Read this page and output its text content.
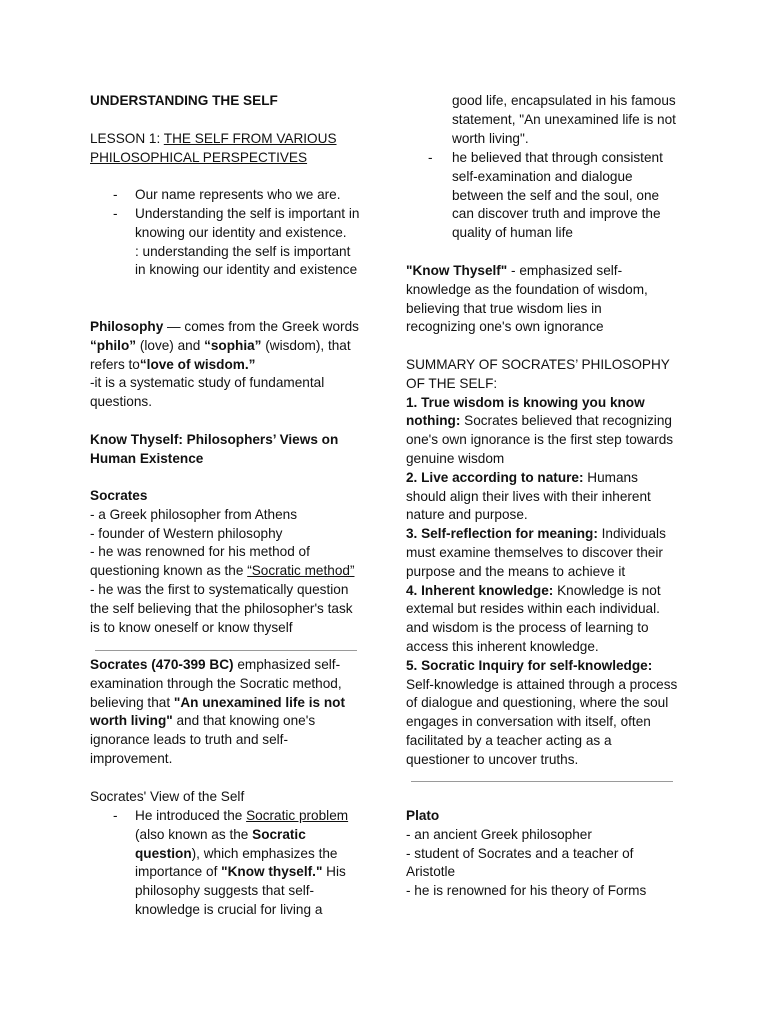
UNDERSTANDING THE SELF
LESSON 1: THE SELF FROM VARIOUS PHILOSOPHICAL PERSPECTIVES
- Our name represents who we are.
- Understanding the self is important in knowing our identity and existence.
: understanding the self is important in knowing our identity and existence
Philosophy — comes from the Greek words “philo” (love) and “sophia” (wisdom), that refers to“love of wisdom.”
-it is a systematic study of fundamental questions.
Know Thyself: Philosophers’ Views on Human Existence
Socrates
- a Greek philosopher from Athens
- founder of Western philosophy
- he was renowned for his method of questioning known as the “Socratic method”
- he was the first to systematically question the self believing that the philosopher's task is to know oneself or know thyself
Socrates (470-399 BC) emphasized self-examination through the Socratic method, believing that "An unexamined life is not worth living" and that knowing one's ignorance leads to truth and self-improvement.
Socrates' View of the Self
- He introduced the Socratic problem (also known as the Socratic question), which emphasizes the importance of "Know thyself." His philosophy suggests that self-knowledge is crucial for living a
good life, encapsulated in his famous statement, "An unexamined life is not worth living".
- he believed that through consistent self-examination and dialogue between the self and the soul, one can discover truth and improve the quality of human life
"Know Thyself" - emphasized self-knowledge as the foundation of wisdom, believing that true wisdom lies in recognizing one's own ignorance
SUMMARY OF SOCRATES’ PHILOSOPHY OF THE SELF:
1. True wisdom is knowing you know nothing: Socrates believed that recognizing one's own ignorance is the first step towards genuine wisdom
2. Live according to nature: Humans should align their lives with their inherent nature and purpose.
3. Self-reflection for meaning: Individuals must examine themselves to discover their purpose and the means to achieve it
4. Inherent knowledge: Knowledge is not extemal but resides within each individual. and wisdom is the process of learning to access this inherent knowledge.
5. Socratic Inquiry for self-knowledge:
Self-knowledge is attained through a process of dialogue and questioning, where the soul engages in conversation with itself, often facilitated by a teacher acting as a questioner to uncover truths.
Plato
- an ancient Greek philosopher
- student of Socrates and a teacher of Aristotle
- he is renowned for his theory of Forms
